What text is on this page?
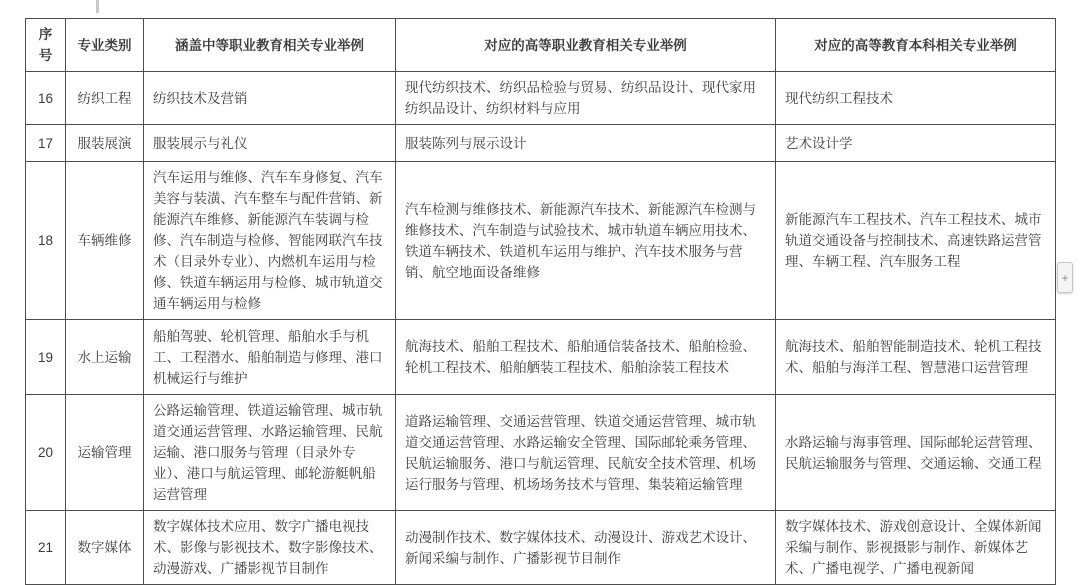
序号	专业类别	涵盖中等职业教育相关专业举例	对应的高等职业教育相关专业举例	对应的高等教育本科相关专业举例
16	纺织工程	纺织技术及营销	现代纺织技术、纺织品检验与贸易、纺织品设计、现代家用纺织品设计、纺织材料与应用	现代纺织工程技术
17	服装展演	服装展示与礼仪	服装陈列与展示设计	艺术设计学
18	车辆维修	汽车运用与维修、汽车车身修复、汽车美容与装潢、汽车整车与配件营销、新能源汽车维修、新能源汽车装调与检修、汽车制造与检修、智能网联汽车技术（目录外专业）、内燃机车运用与检修、铁道车辆运用与检修、城市轨道交通车辆运用与检修	汽车检测与维修技术、新能源汽车技术、新能源汽车检测与维修技术、汽车制造与试验技术、城市轨道车辆应用技术、铁道车辆技术、铁道机车运用与维护、汽车技术服务与营销、航空地面设备维修	新能源汽车工程技术、汽车工程技术、城市轨道交通设备与控制技术、高速铁路运营管理、车辆工程、汽车服务工程
19	水上运输	船舶驾驶、轮机管理、船舶水手与机工、工程潜水、船舶制造与修理、港口机械运行与维护	航海技术、船舶工程技术、船舶通信装备技术、船舶检验、轮机工程技术、船舶舾装工程技术、船舶涂装工程技术	航海技术、船舶智能制造技术、轮机工程技术、船舶与海洋工程、智慧港口运营管理
20	运输管理	公路运输管理、铁道运输管理、城市轨道交通运营管理、水路运输管理、民航运输、港口服务与管理（目录外专业）、港口与航运管理、邮轮游艇帆船运营管理	道路运输管理、交通运营管理、铁道交通运营管理、城市轨道交通运营管理、水路运输安全管理、国际邮轮乘务管理、民航运输服务、港口与航运管理、民航安全技术管理、机场运行服务与管理、机场场务技术与管理、集装箱运输管理	水路运输与海事管理、国际邮轮运营管理、民航运输服务与管理、交通运输、交通工程
21	数字媒体	数字媒体技术应用、数字广播电视技术、影像与影视技术、数字影像技术、动漫游戏、广播影视节目制作	动漫制作技术、数字媒体技术、动漫设计、游戏艺术设计、新闻采编与制作、广播影视节目制作	数字媒体技术、游戏创意设计、全媒体新闻采编与制作、影视摄影与制作、新媒体艺术、广播电视学、广播电视新闻
+
